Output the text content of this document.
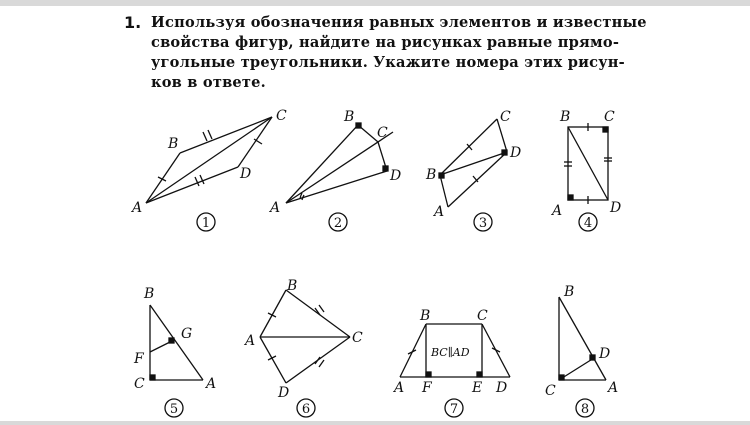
1. Используя обозначения равных элементов и известные
свойства фигур, найдите на рисунках равные прямо-
угольные треугольники. Укажите номера этих рисун-
ков в ответе.
A
B
C
D
1
A
B
C
D
2
A
B
C
D
3
B C
A	D
4
B
G
F
C	A
5
B
A	C
D
6
B	C
BC∥AD
A F	E D
7
B
D
C	A
8
